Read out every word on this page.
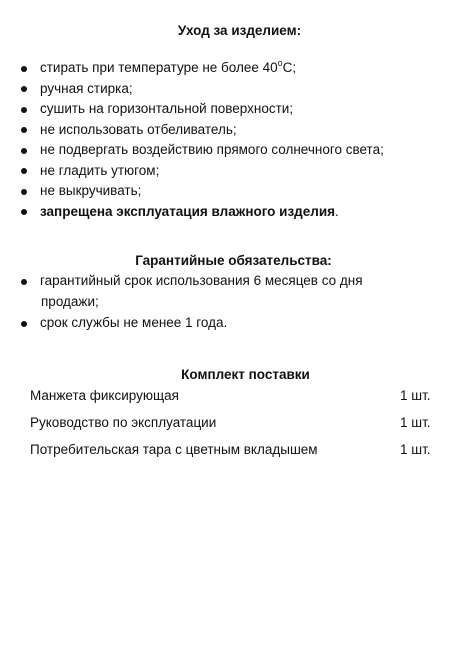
Уход за изделием:
стирать при температуре не более 40$^o$C;
ручная стирка;
сушить на горизонтальной поверхности;
не использовать отбеливатель;
не подвергать воздействию прямого солнечного света;
не гладить утюгом;
не выкручивать;
запрещена эксплуатация влажного изделия.
Гарантийные обязательства:
гарантийный срок использования 6 месяцев со дня
продажи;
срок службы не менее 1 года.
Комплект поставки
Манжета фиксирующая	1 шт.
Руководство по эксплуатации	1 шт.
Потребительская тара с цветным вкладышем	1 шт.
